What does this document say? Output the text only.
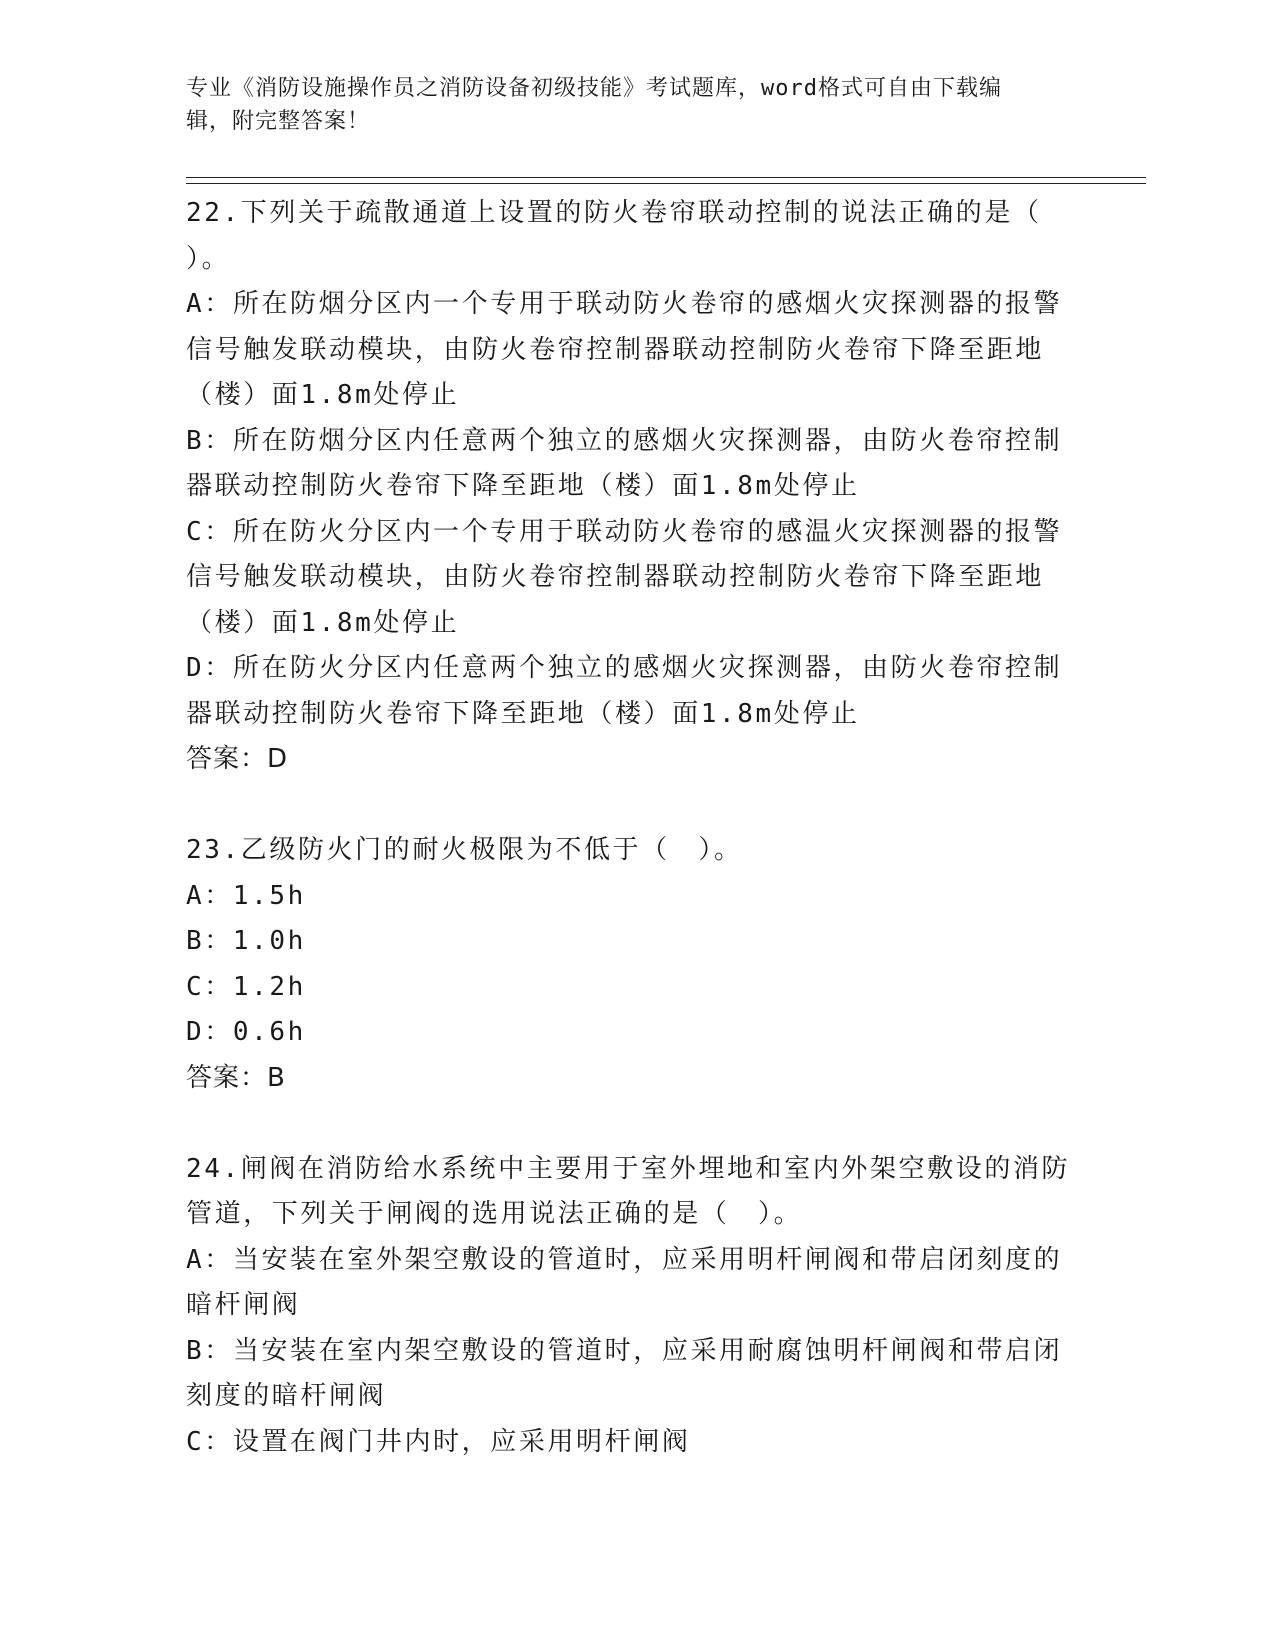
专业《消防设施操作员之消防设备初级技能》考试题库，word格式可自由下载编
辑，附完整答案！
22.下列关于疏散通道上设置的防火卷帘联动控制的说法正确的是（
）。
A：所在防烟分区内一个专用于联动防火卷帘的感烟火灾探测器的报警
信号触发联动模块，由防火卷帘控制器联动控制防火卷帘下降至距地
（楼）面1.8m处停止
B：所在防烟分区内任意两个独立的感烟火灾探测器，由防火卷帘控制
器联动控制防火卷帘下降至距地（楼）面1.8m处停止
C：所在防火分区内一个专用于联动防火卷帘的感温火灾探测器的报警
信号触发联动模块，由防火卷帘控制器联动控制防火卷帘下降至距地
（楼）面1.8m处停止
D：所在防火分区内任意两个独立的感烟火灾探测器，由防火卷帘控制
器联动控制防火卷帘下降至距地（楼）面1.8m处停止
答案：D
23.乙级防火门的耐火极限为不低于（　）。
A：1.5h
B：1.0h
C：1.2h
D：0.6h
答案：B
24.闸阀在消防给水系统中主要用于室外埋地和室内外架空敷设的消防
管道，下列关于闸阀的选用说法正确的是（　）。
A：当安装在室外架空敷设的管道时，应采用明杆闸阀和带启闭刻度的
暗杆闸阀
B：当安装在室内架空敷设的管道时，应采用耐腐蚀明杆闸阀和带启闭
刻度的暗杆闸阀
C：设置在阀门井内时，应采用明杆闸阀
